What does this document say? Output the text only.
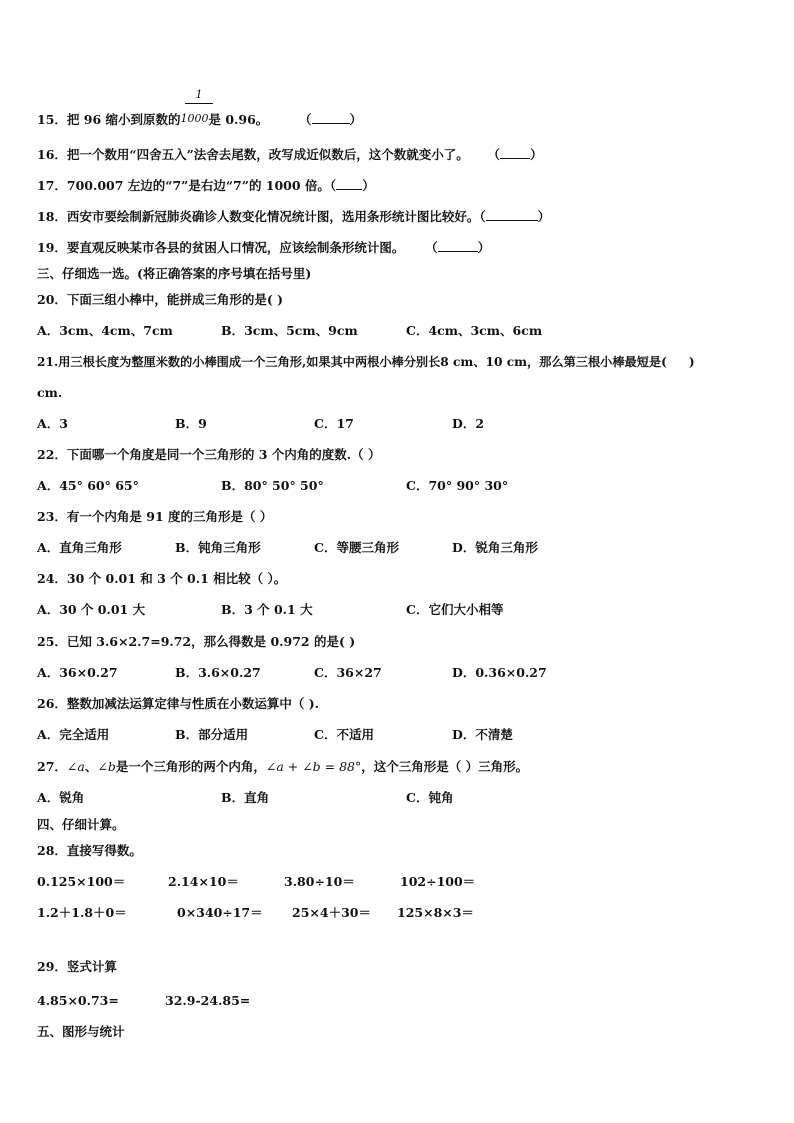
1
15．把 96 缩小到原数的1000是 0.96。 （	）
16．把一个数用“四舍五入”法舍去尾数，改写成近似数后，这个数就变小了。 （ ）
17．700.007 左边的“7”是右边“7”的 1000 倍。（ ）
18．西安市要绘制新冠肺炎确诊人数变化情况统计图，选用条形统计图比较好。（	）
19．要直观反映某市各县的贫困人口情况，应该绘制条形统计图。 （	）
三、仔细选一选。(将正确答案的序号填在括号里)
20．下面三组小棒中，能拼成三角形的是( )
A．3cm、4cm、7cm	B．3cm、5cm、9cm	C．4cm、3cm、6cm
21.用三根长度为整厘米数的小棒围成一个三角形,如果其中两根小棒分别长8 cm、10 cm，那么第三根小棒最短是( )
cm.
A．3	B．9	C．17	D．2
22．下面哪一个角度是同一个三角形的 3 个内角的度数.（ ）
A．45° 60° 65°	B．80° 50° 50°	C．70° 90° 30°
23．有一个内角是 91 度的三角形是（ ）
A．直角三角形	B．钝角三角形	C．等腰三角形	D．锐角三角形
24．30 个 0.01 和 3 个 0.1 相比较（ ）。
A．30 个 0.01 大	B．3 个 0.1 大	C．它们大小相等
25．已知 3.6×2.7=9.72，那么得数是 0.972 的是( )
A．36×0.27	B．3.6×0.27	C．36×27	D．0.36×0.27
26．整数加减法运算定律与性质在小数运算中（ ).
A．完全适用	B．部分适用	C．不适用	D．不清楚
27．∠a、∠b是一个三角形的两个内角，∠a + ∠b = 88°，这个三角形是（ ）三角形。
A．锐角	B．直角	C．钝角
四、仔细计算。
28．直接写得数。
0.125×100＝	2.14×10＝	3.80÷10＝	102÷100＝
1.2＋1.8＋0＝	0×340÷17＝ 25×4＋30＝ 125×8×3＝
29．竖式计算
4.85×0.73=	32.9-24.85=
五、图形与统计
